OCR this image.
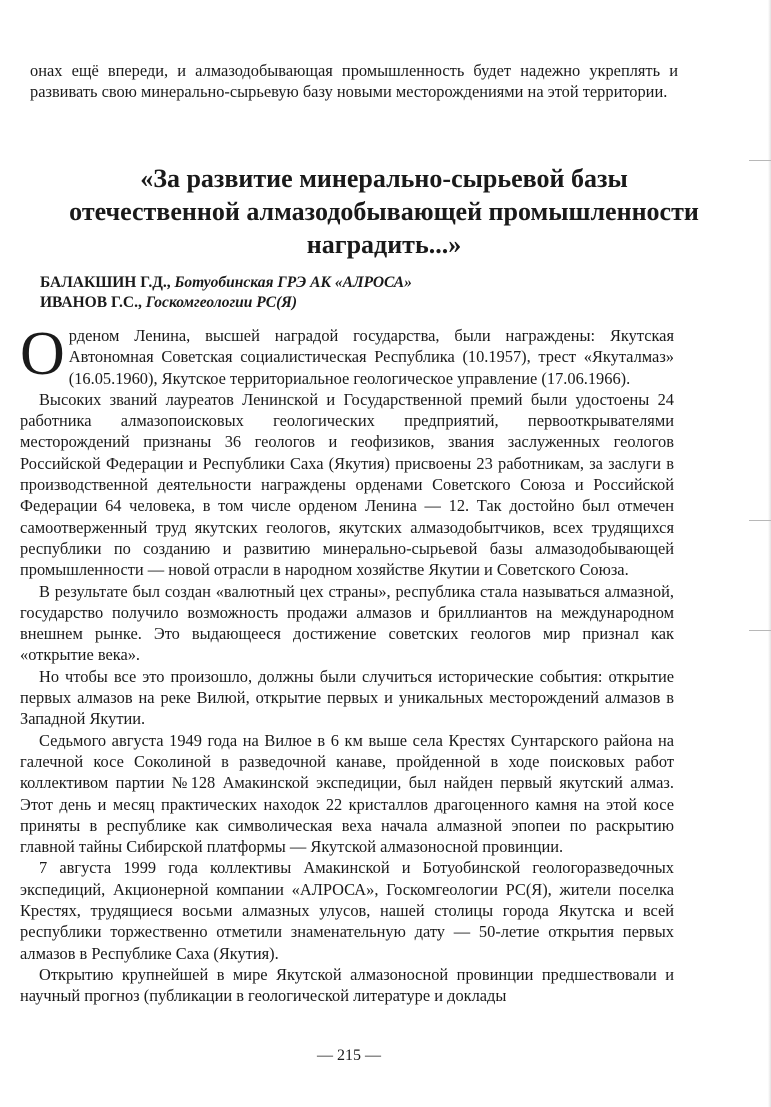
онах ещё впереди, и алмазодобывающая промышленность будет надежно укреплять и развивать свою минерально-сырьевую базу новыми месторождениями на этой территории.

«За развитие минерально-сырьевой базы
отечественной алмазодобывающей промышленности
наградить...»
БАЛАКШИН Г.Д., Ботуобинская ГРЭ АК «АЛРОСА»
ИВАНОВ Г.С., Госкомгеологии РС(Я)

Орденом Ленина, высшей наградой государства, были награждены: Якутская Автономная Советская социалистическая Республика (10.1957), трест «Якуталмаз» (16.05.1960), Якутское территориальное геологическое управление (17.06.1966).

Высоких званий лауреатов Ленинской и Государственной премий были удостоены 24 работника алмазопоисковых геологических предприятий, первооткрывателями месторождений признаны 36 геологов и геофизиков, звания заслуженных геологов Российской Федерации и Республики Саха (Якутия) присвоены 23 работникам, за заслуги в производственной деятельности награждены орденами Советского Союза и Российской Федерации 64 человека, в том числе орденом Ленина — 12. Так достойно был отмечен самоотверженный труд якутских геологов, якутских алмазодобытчиков, всех трудящихся республики по созданию и развитию минерально-сырьевой базы алмазодобывающей промышленности — новой отрасли в народном хозяйстве Якутии и Советского Союза.

В результате был создан «валютный цех страны», республика стала называться алмазной, государство получило возможность продажи алмазов и бриллиантов на международном внешнем рынке. Это выдающееся достижение советских геологов мир признал как «открытие века».

Но чтобы все это произошло, должны были случиться исторические события: открытие первых алмазов на реке Вилюй, открытие первых и уникальных месторождений алмазов в Западной Якутии.

Седьмого августа 1949 года на Вилюе в 6 км выше села Крестях Сунтарского района на галечной косе Соколиной в разведочной канаве, пройденной в ходе поисковых работ коллективом партии №128 Амакинской экспедиции, был найден первый якутский алмаз. Этот день и месяц практических находок 22 кристаллов драгоценного камня на этой косе приняты в республике как символическая веха начала алмазной эпопеи по раскрытию главной тайны Сибирской платформы — Якутской алмазоносной провинции.

7 августа 1999 года коллективы Амакинской и Ботуобинской геологоразведочных экспедиций, Акционерной компании «АЛРОСА», Госкомгеологии РС(Я), жители поселка Крестях, трудящиеся восьми алмазных улусов, нашей столицы города Якутска и всей республики торжественно отметили знаменательную дату — 50-летие открытия первых алмазов в Республике Саха (Якутия).

Открытию крупнейшей в мире Якутской алмазоносной провинции предшествовали и научный прогноз (публикации в геологической литературе и доклады

— 215 —
